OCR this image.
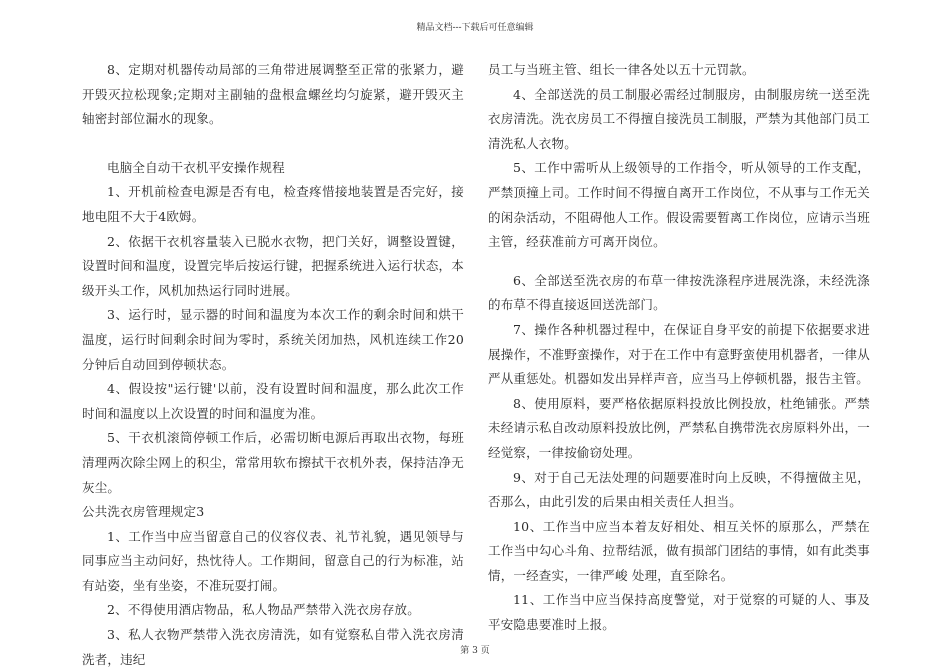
精品文档---下载后可任意编辑

8、定期对机器传动局部的三角带进展调整至正常的张紧力，避开毁灭拉松现象;定期对主副轴的盘根盒螺丝均匀旋紧，避开毁灭主轴密封部位漏水的现象。

电脑全自动干衣机平安操作规程

1、开机前检查电源是否有电，检查疼惜接地装置是否完好，接地电阻不大于4欧姆。

2、依据干衣机容量装入已脱水衣物，把门关好，调整设置键，设置时间和温度，设置完毕后按运行键，把握系统进入运行状态，本级开头工作，风机加热运行同时进展。

3、运行时，显示器的时间和温度为本次工作的剩余时间和烘干温度，运行时间剩余时间为零时，系统关闭加热，风机连续工作20分钟后自动回到停顿状态。

4、假设按"运行键'以前，没有设置时间和温度，那么此次工作时间和温度以上次设置的时间和温度为准。

5、干衣机滚筒停顿工作后，必需切断电源后再取出衣物，每班清理两次除尘网上的积尘，常常用软布擦拭干衣机外表，保持洁净无灰尘。

公共洗衣房管理规定3

1、工作当中应当留意自己的仪容仪表、礼节礼貌，遇见领导与同事应当主动问好，热忱待人。工作期间，留意自己的行为标准，站有站姿，坐有坐姿，不准玩耍打闹。

2、不得使用酒店物品，私人物品严禁带入洗衣房存放。

3、私人衣物严禁带入洗衣房清洗，如有觉察私自带入洗衣房清洗者，违纪

员工与当班主管、组长一律各处以五十元罚款。

4、全部送洗的员工制服必需经过制服房，由制服房统一送至洗衣房清洗。洗衣房员工不得擅自接洗员工制服，严禁为其他部门员工清洗私人衣物。

5、工作中需听从上级领导的工作指令，听从领导的工作支配，严禁顶撞上司。工作时间不得擅自离开工作岗位，不从事与工作无关的闲杂活动，不阻碍他人工作。假设需要暂离工作岗位，应请示当班主管，经获准前方可离开岗位。

6、全部送至洗衣房的布草一律按洗涤程序进展洗涤，未经洗涤的布草不得直接返回送洗部门。

7、操作各种机器过程中，在保证自身平安的前提下依据要求进展操作，不准野蛮操作，对于在工作中有意野蛮使用机器者，一律从严从重惩处。机器如发出异样声音，应当马上停顿机器，报告主管。

8、使用原料，要严格依据原料投放比例投放，杜绝铺张。严禁未经请示私自改动原料投放比例，严禁私自携带洗衣房原料外出，一经觉察，一律按偷窃处理。

9、对于自己无法处理的问题要准时向上反映，不得擅做主见，否那么，由此引发的后果由相关责任人担当。

10、工作当中应当本着友好相处、相互关怀的原那么，严禁在工作当中勾心斗角、拉帮结派，做有损部门团结的事情，如有此类事情，一经查实，一律严峻 处理，直至除名。

11、工作当中应当保持高度警觉，对于觉察的可疑的人、事及平安隐患要准时上报。

第 3 页
